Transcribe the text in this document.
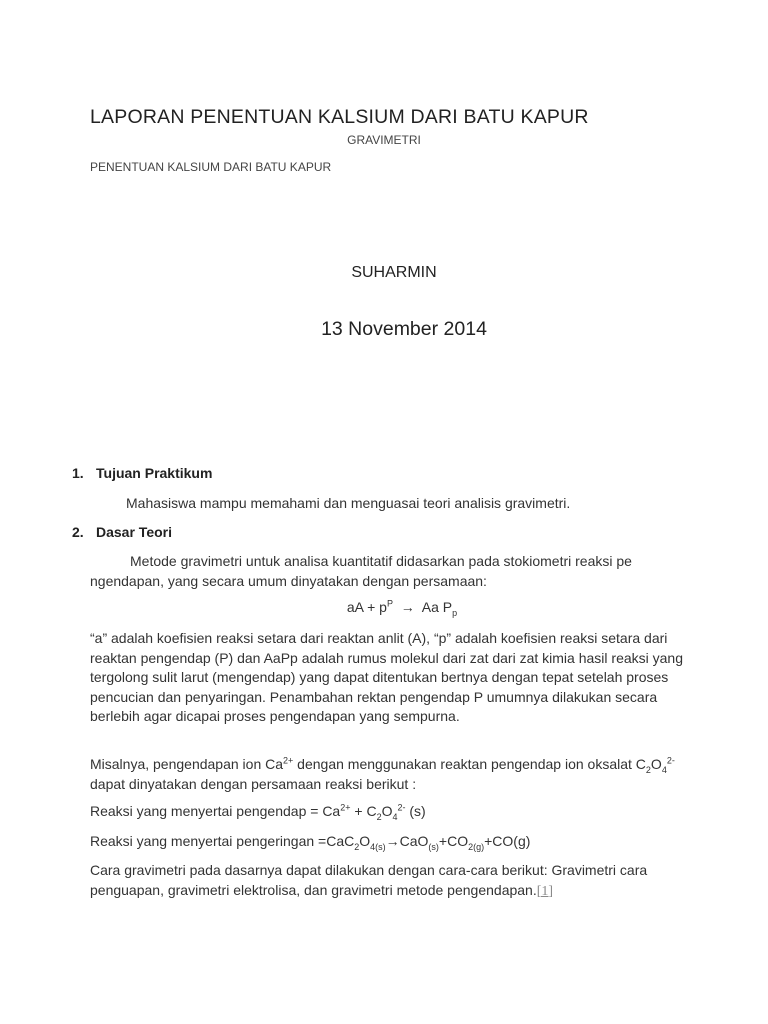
LAPORAN PENENTUAN KALSIUM DARI BATU KAPUR
GRAVIMETRI
PENENTUAN KALSIUM DARI BATU KAPUR
SUHARMIN
13 November 2014
1. Tujuan Praktikum
Mahasiswa mampu memahami dan menguasai teori analisis gravimetri.
2. Dasar Teori
Metode gravimetri untuk analisa kuantitatif didasarkan pada stokiometri reaksi pe
ngendapan, yang secara umum dinyatakan dengan persamaan:
aA + $p^P \to Aa$ $P_p$
“a” adalah koefisien reaksi setara dari reaktan anlit (A), “p” adalah koefisien reaksi setara dari reaktan pengendap (P) dan AaPp adalah rumus molekul dari zat dari zat kimia hasil reaksi yang tergolong sulit larut (mengendap) yang dapat ditentukan bertnya dengan tepat setelah proses pencucian dan penyaringan. Penambahan rektan pengendap P umumnya dilakukan secara berlebih agar dicapai proses pengendapan yang sempurna.
Misalnya, pengendapan ion $Ca^{2+}$ dengan menggunakan reaktan pengendap ion oksalat $C_2O_4^{2-}$ dapat dinyatakan dengan persamaan reaksi berikut :
Reaksi yang menyertai pengendap = $Ca^{2+} + C_2O_4^{2-}$ (s)
Reaksi yang menyertai pengeringan $=CaC_2O_{4(s)}\to CaO_{(s)}+CO_{2(g)}+CO(g)$
Cara gravimetri pada dasarnya dapat dilakukan dengan cara-cara berikut: Gravimetri cara penguapan, gravimetri elektrolisa, dan gravimetri metode pengendapan.[1]
